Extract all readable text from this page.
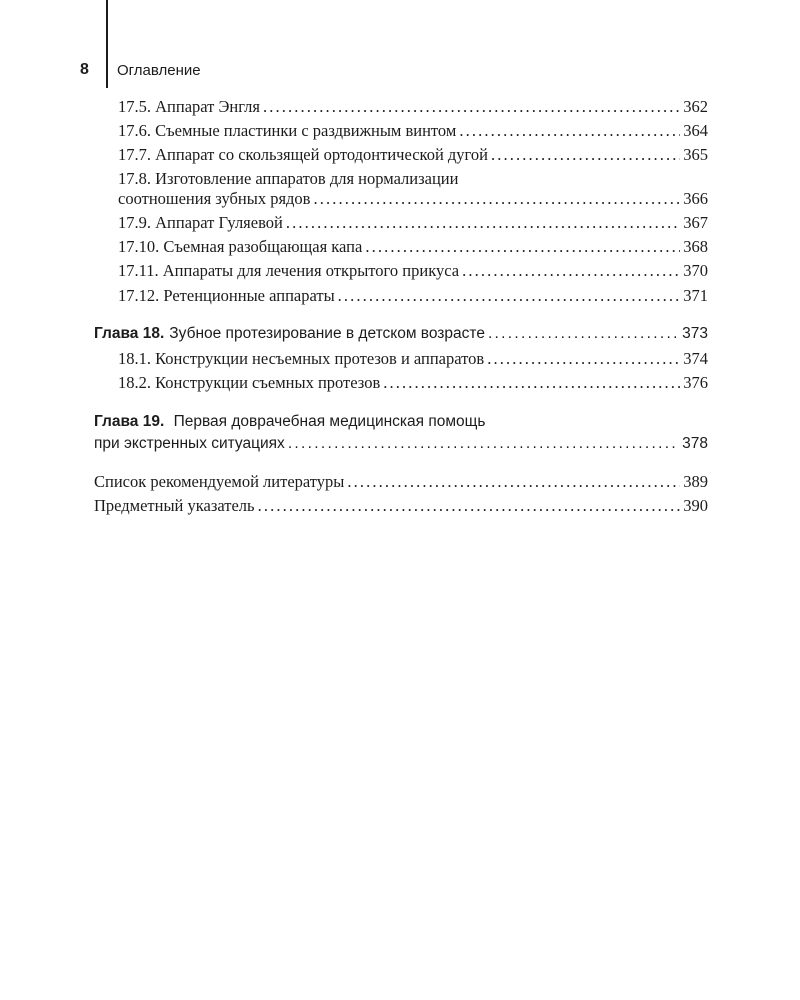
8 Оглавление
17.5. Аппарат Энгля . . .	362
17.6. Съемные пластинки с раздвижным винтом . . .	364
17.7. Аппарат со скользящей ортодонтической дугой . . .	365
17.8. Изготовление аппаратов для нормализации
соотношения зубных рядов . . .	366
17.9. Аппарат Гуляевой . . .	367
17.10. Съемная разобщающая капа . . .	368
17.11. Аппараты для лечения открытого прикуса . . .	370
17.12. Ретенционные аппараты . . .	371
Глава 18. Зубное протезирование в детском возрасте . . .	373
18.1. Конструкции несъемных протезов и аппаратов . . .	374
18.2. Конструкции съемных протезов . . .	376
Глава 19. Первая доврачебная медицинская помощь
при экстренных ситуациях . . .	378
Список рекомендуемой литературы . . .	389
Предметный указатель . . .	390
